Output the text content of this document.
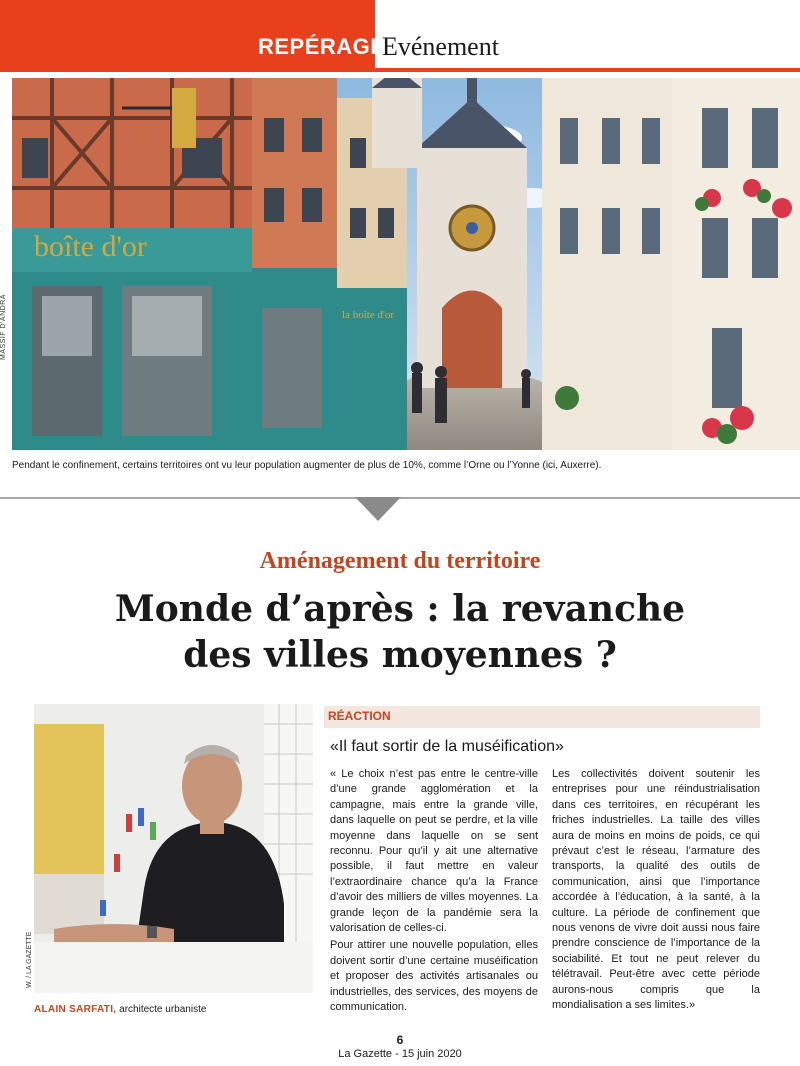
REPÉRAGES
Evénement
boîte d'or
la boîte d'or
MASSIF D'ANDRA
Pendant le confinement, certains territoires ont vu leur population augmenter de plus de 10%, comme l’Orne ou l’Yonne (ici, Auxerre).
Aménagement du territoire
Monde d’après : la revanche
des villes moyennes ?
W. / LA GAZETTE
ALAIN SARFATI, architecte urbaniste
RÉACTION
«Il faut sortir de la muséification»

« Le choix n’est pas entre le centre-ville d’une grande agglomération et la campagne, mais entre la grande ville, dans laquelle on peut se perdre, et la ville moyenne dans laquelle on se sent reconnu. Pour qu’il y ait une alternative possible, il faut mettre en valeur l’extraordinaire chance qu’a la France d’avoir des milliers de villes moyennes. La grande leçon de la pandémie sera la valorisation de celles-ci.

Pour attirer une nouvelle population, elles doivent sortir d’une certaine muséification et proposer des activités artisanales ou industrielles, des services, des moyens de communication.

Les collectivités doivent soutenir les entreprises pour une réindustrialisation dans ces territoires, en récupérant les friches industrielles. La taille des villes aura de moins en moins de poids, ce qui prévaut c’est le réseau, l’armature des transports, la qualité des outils de communication, ainsi que l’importance accordée à l’éducation, à la santé, à la culture. La période de confinement que nous venons de vivre doit aussi nous faire prendre conscience de l’importance de la sociabilité. Et tout ne peut relever du télétravail. Peut-être avec cette période aurons-nous compris que la mondialisation a ses limites.»

6
La Gazette - 15 juin 2020
